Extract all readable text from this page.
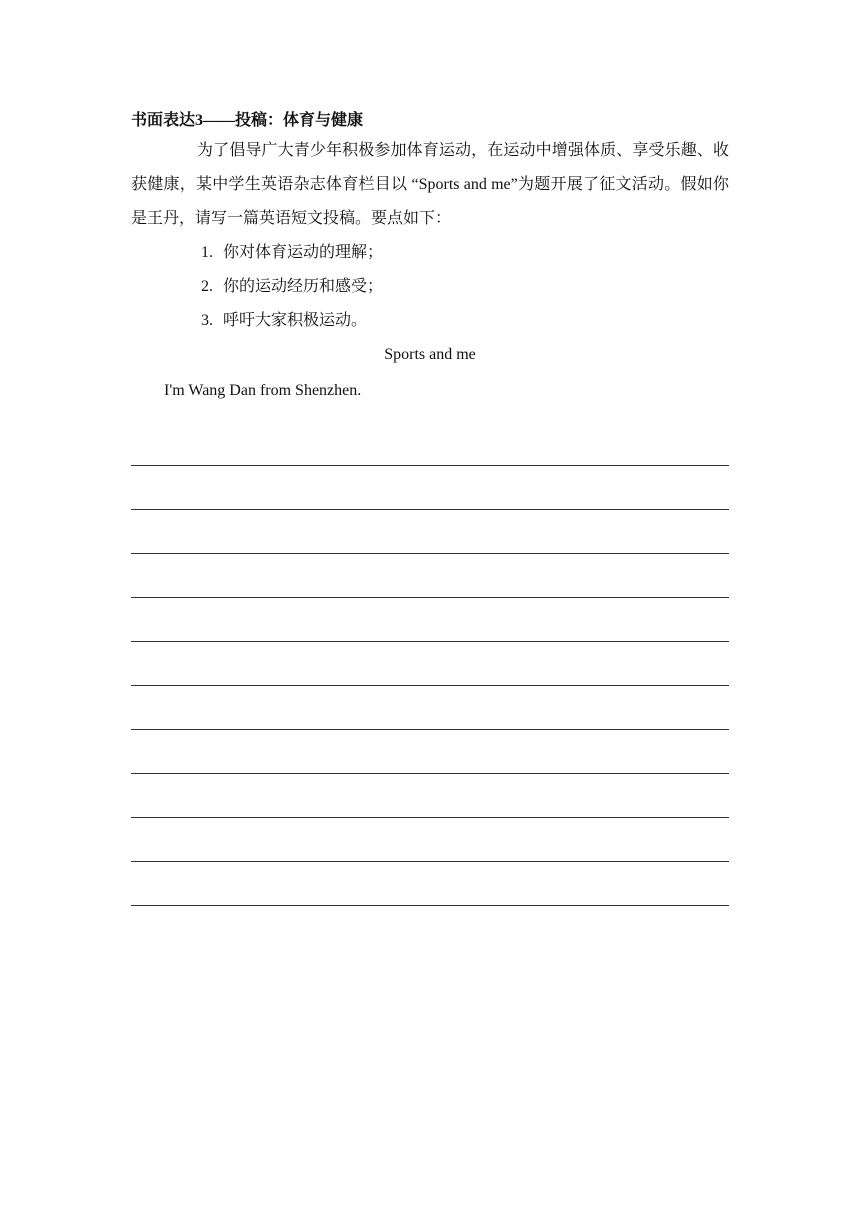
书面表达3——投稿：体育与健康

为了倡导广大青少年积极参加体育运动，在运动中增强体质、享受乐趣、收获健康，某中学生英语杂志体育栏目以 “Sports and me”为题开展了征文活动。假如你是王丹，请写一篇英语短文投稿。要点如下：

1. 你对体育运动的理解；
2. 你的运动经历和感受；
3. 呼吁大家积极运动。

Sports and me

I'm Wang Dan from Shenzhen.
